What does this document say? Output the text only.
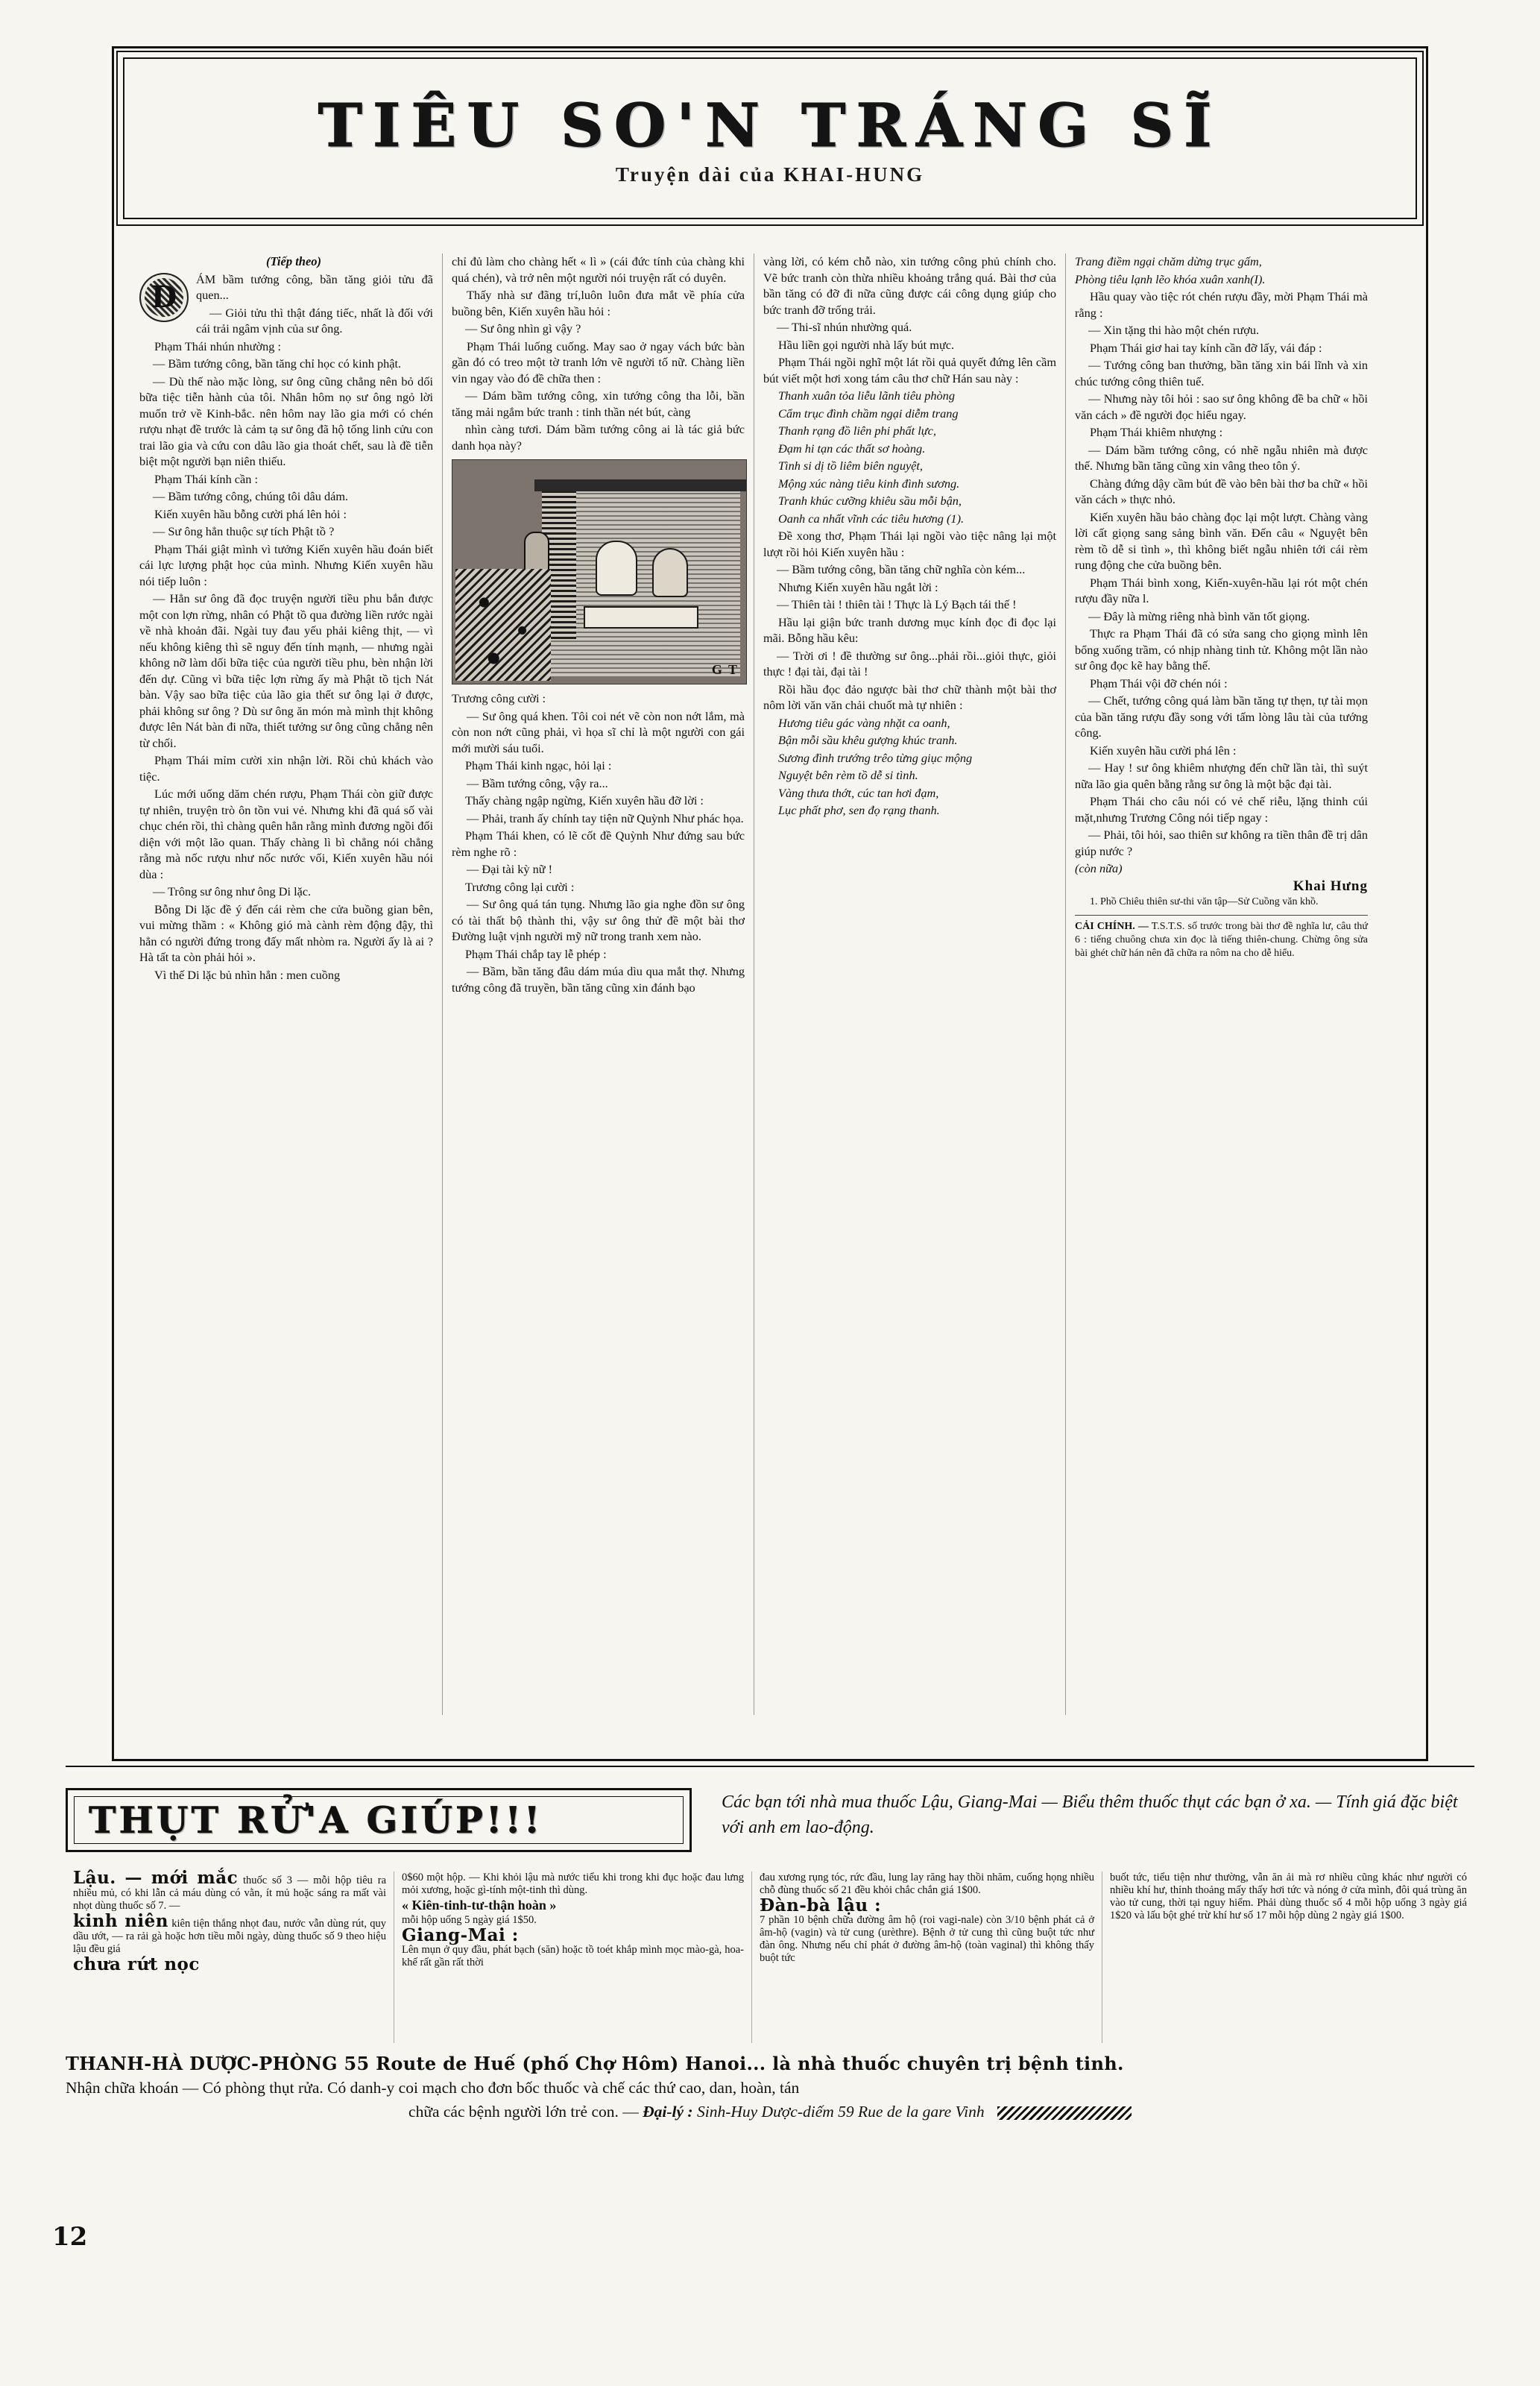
TIÊU SO'N TRÁNG SĨ
Truyện dài của KHAI-HUNG

(Tiếp theo)

D

ÁM bầm tướng công, bần tăng giỏi tửu đã quen...

— Giỏi tửu thì thật đáng tiếc, nhất là đối với cái trải ngâm vịnh của sư ông.

Phạm Thái nhún nhường :

— Bầm tướng công, bần tăng chỉ học có kinh phật.

— Dù thế nào mặc lòng, sư ông cũng chẳng nên bỏ dối bữa tiệc tiễn hành của tôi. Nhân hôm nọ sư ông ngỏ lời muốn trở về Kinh-bắc. nên hôm nay lão gia mới có chén rượu nhạt đề trước là cảm tạ sư ông đã hộ tống linh cửu con trai lão gia và cứu con dâu lão gia thoát chết, sau là đề tiễn biệt một người bạn niên thiếu.

Phạm Thái kính cần :

— Bầm tướng công, chúng tôi dâu dám.

Kiến xuyên hầu bỗng cười phá lên hỏi :

— Sư ông hẳn thuộc sự tích Phật tồ ?

Phạm Thái giật mình vì tưởng Kiến xuyên hầu đoán biết cái lực lượng phật học của mình. Nhưng Kiến xuyên hầu nói tiếp luôn :

— Hẳn sư ông đã đọc truyện người tiều phu bắn được một con lợn rừng, nhân có Phật tồ qua đường liền rước ngài về nhà khoản đãi. Ngài tuy đau yếu phải kiêng thịt, — vì nếu không kiêng thì sẽ nguy đến tính mạnh, — nhưng ngài không nỡ làm dối bữa tiệc của người tiều phu, bèn nhận lời đến dự. Cũng vì bữa tiệc lợn rừng ấy mà Phật tồ tịch Nát bàn. Vậy sao bữa tiệc của lão gia thết sư ông lại ở được, phải không sư ông ? Dù sư ông ăn món mà mình thịt không được lên Nát bàn đi nữa, thiết tưởng sư ông cũng chẳng nên từ chối.

Phạm Thái mỉm cười xin nhận lời. Rồi chủ khách vào tiệc.

Lúc mới uống dăm chén rượu, Phạm Thái còn giữ được tự nhiên, truyện trò ôn tồn vui vẻ. Nhưng khi đã quá số vài chục chén rồi, thì chàng quên hẳn rằng mình đương ngồi đối diện với một lão quan. Thấy chàng lì bì chẳng nói chẳng rằng mà nốc rượu như nốc nước vối, Kiến xuyên hầu nói dùa :

— Trông sư ông như ông Di lặc.

Bỗng Di lặc đề ý đến cái rèm che cửa buồng gian bên, vui mừng thầm : « Không gió mà cành rèm động đậy, thì hẳn có người đứng trong đấy mất nhòm ra. Người ấy là ai ? Hà tất ta còn phải hỏi ».

Vì thế Di lặc bủ nhìn hẳn : men cuồng

chỉ đủ làm cho chàng hết « lì » (cái đức tính của chàng khi quá chén), và trở nên một người nói truyện rất có duyên.

Thấy nhà sư đãng trí,luôn luôn đưa mắt về phía cửa buồng bên, Kiến xuyên hầu hỏi :

— Sư ông nhìn gì vậy ?

Phạm Thái luống cuống. May sao ở ngay vách bức bàn gần đó có treo một tờ tranh lớn vẽ người tố nữ. Chàng liền vin ngay vào đó đề chữa then :

— Dám bầm tướng công, xin tướng công tha lỗi, bần tăng mải ngắm bức tranh : tinh thần nét bút, càng

nhìn càng tươi. Dám bầm tướng công ai là tác giả bức danh họa này?

G T

Trương công cười :

— Sư ông quá khen. Tôi coi nét vẽ còn non nớt lắm, mà còn non nớt cũng phải, vì họa sĩ chỉ là một người con gái mới mười sáu tuổi.

Phạm Thái kinh ngạc, hỏi lại :

— Bầm tướng công, vậy ra...

Thấy chàng ngập ngừng, Kiến xuyên hầu đỡ lời :

— Phải, tranh ấy chính tay tiện nữ Quỳnh Như phác họa.

Phạm Thái khen, có lẽ cốt đề Quỳnh Như đứng sau bức rèm nghe rõ :

— Đại tài kỳ nữ !

Trương công lại cười :

— Sư ông quá tán tụng. Nhưng lão gia nghe đồn sư ông có tài thất bộ thành thi, vậy sư ông thử đề một bài thơ Đường luật vịnh người mỹ nữ trong tranh xem nào.

Phạm Thái chắp tay lễ phép :

— Bầm, bần tăng đâu dám múa dìu qua mắt thợ. Nhưng tướng công đã truyền, bần tăng cũng xin đánh bạo

vàng lời, có kém chỗ nào, xin tướng công phủ chính cho. Vẽ bức tranh còn thừa nhiều khoảng trắng quá. Bài thơ của bần tăng có đỡ đi nữa cũng được cái công dụng giúp cho bức tranh đỡ trống trải.

— Thi-sĩ nhún nhường quá.

Hầu liền gọi người nhà lấy bút mực.

Phạm Thái ngồi nghĩ một lát rồi quả quyết đứng lên cầm bút viết một hơi xong tám câu thơ chữ Hán sau này :

Thanh xuân tỏa liễu lãnh tiêu phòng

Cẩm trục đình chầm ngại diễm trang

Thanh rạng đồ liên phi phất lực,

Đạm hi tạn các thất sơ hoàng.

Tình si dị tồ liêm biên nguyệt,

Mộng xúc nàng tiêu kinh đình sương.

Tranh khúc cưỡng khiêu sầu mỗi bận,

Oanh ca nhất vĩnh các tiêu hương (1).

Đề xong thơ, Phạm Thái lại ngồi vào tiệc nâng lại một lượt rồi hỏi Kiến xuyên hầu :

— Bầm tướng công, bần tăng chữ nghĩa còn kém...

Nhưng Kiến xuyên hầu ngắt lời :

— Thiên tài ! thiên tài ! Thực là Lý Bạch tái thế !

Hầu lại giận bức tranh dương mục kính đọc đi đọc lại mãi. Bỗng hầu kêu:

— Trời ơi ! đề thường sư ông...phải rồi...giỏi thực, giỏi thực ! đại tài, đại tài !

Rồi hầu đọc đảo ngược bài thơ chữ thành một bài thơ nôm lời văn văn chải chuốt mà tự nhiên :

Hương tiêu gác vàng nhặt ca oanh,

Bận mỗi sầu khêu gượng khúc tranh.

Sương đình trướng trêo từng giục mộng

Nguyệt bên rèm tồ dễ si tình.

Vàng thưa thớt, cúc tan hơi đạm,

Lục phất phơ, sen đọ rạng thanh.

Trang điềm ngại chăm dừng trục gấm,

Phòng tiêu lạnh lẽo khóa xuân xanh(I).

Hầu quay vào tiệc rót chén rượu đầy, mời Phạm Thái mà rằng :

— Xin tặng thi hào một chén rượu.

Phạm Thái giơ hai tay kính cần đỡ lấy, vái đáp :

— Tướng công ban thưởng, bần tăng xin bái lĩnh và xin chúc tướng công thiên tuế.

— Nhưng này tôi hỏi : sao sư ông không đề ba chữ « hồi văn cách » đề người đọc hiểu ngay.

Phạm Thái khiêm nhượng :

— Dám bầm tướng công, có nhẽ ngẫu nhiên mà được thế. Nhưng bần tăng cũng xin vâng theo tôn ý.

Chàng đứng dậy cầm bút đề vào bên bài thơ ba chữ « hồi văn cách » thực nhỏ.

Kiến xuyên hầu bảo chàng đọc lại một lượt. Chàng vàng lời cất giọng sang sảng bình văn. Đến câu « Nguyệt bên rèm tồ dễ si tình », thì không biết ngẫu nhiên tới cái rèm rung động che cửa buồng bên.

Phạm Thái bình xong, Kiến-xuyên-hầu lại rót một chén rượu đầy nữa l.

— Đây là mừng riêng nhà bình văn tốt giọng.

Thực ra Phạm Thái đã có sửa sang cho giọng mình lên bổng xuống trầm, có nhịp nhàng tinh tử. Không một lần nào sư ông đọc kẽ hay bằng thế.

Phạm Thái vội đỡ chén nói :

— Chết, tướng công quá làm bần tăng tự thẹn, tự tài mọn của bần tăng rượu đầy song với tấm lòng lâu tài của tướng công.

Kiến xuyên hầu cười phá lên :

— Hay ! sư ông khiêm nhượng đến chữ lần tài, thì suýt nữa lão gia quên bằng rằng sư ông là một bậc đại tài.

Phạm Thái cho câu nói có vẻ chế riễu, lặng thinh cúi mặt,nhưng Trương Công nói tiếp ngay :

— Phải, tôi hỏi, sao thiên sư không ra tiền thân đề trị dân giúp nước ?

(còn nữa)

Khai Hưng

1. Phồ Chiêu thiên sư-thi văn tập—Sử Cuồng văn khồ.

CẢI CHÍNH. — T.S.T.S. số trước trong bài thơ đề nghĩa lư, câu thứ 6 : tiếng chuông chưa xin đọc là tiếng thiên-chung. Chừng ông sửa bài ghét chữ hán nên đã chữa ra nôm na cho dễ hiểu.

THỤT RỬ'A GIÚP!!!	Các bạn tới nhà mua thuốc Lậu, Giang-Mai — Biểu thêm thuốc thụt các bạn ở xa. — Tính giá đặc biệt với anh em lao-động.

Lậu. — mới mắc thuốc số 3 — mỗi hộp tiêu ra nhiều mủ, có khi lẫn cả máu dùng có vằn, ít mủ hoặc sáng ra mất vài nhọt dùng thuốc số 7. —

kinh niên kiên tiện thắng nhọt đau, nước vẫn dùng rút, quy dầu ướt, — ra rải gà hoặc hơn tiều mỗi ngày, dùng thuốc số 9 theo hiệu lậu đều giá

chưa rứt nọc

0$60 một hộp. — Khi khỏi lậu mà nước tiểu khi trong khi đục hoặc đau lưng mỏi xương, hoặc gì-tính một-tinh thì dùng.

« Kiên-tinh-tư-thận hoàn »

mỗi hộp uống 5 ngày giá 1$50.

Giang-Mai :

Lên mụn ở quy đầu, phát bạch (săn) hoặc tồ toét khắp mình mọc mào-gà, hoa-khế rất gần rất thời

đau xương rụng tóc, rức đầu, lung lay răng hay thồi nhăm, cuống họng nhiều chỗ đùng thuốc số 21 đều khỏi chắc chắn giá 1$00.

Đàn-bà lậu :

7 phần 10 bệnh chữa đường âm hộ (roi vagi-nale) còn 3/10 bệnh phát cả ở âm-hộ (vagin) và tử cung (urèthre). Bệnh ở tử cung thì cũng buột tức như đàn ông. Nhưng nếu chỉ phát ở đường âm-hộ (toàn vaginal) thì không thấy buột tức

buốt tức, tiểu tiện như thường, vẫn ăn ải mà rơ nhiều cũng khác như người có nhiều khí hư, thỉnh thoảng mấy thấy hơi tức và nóng ở cửa mình, đôi quá trùng ăn vào tử cung, thời tại nguy hiểm. Phải dùng thuốc số 4 mỗi hộp uống 3 ngày giá 1$20 và lấu bột ghé trừ khí hư số 17 mỗi hộp dùng 2 ngày giá 1$00.

THANH-HÀ DƯỢC-PHÒNG 55 Route de Huế (phố Chợ Hôm) Hanoi... là nhà thuốc chuyên trị bệnh tinh.
Nhận chữa khoán — Có phòng thụt rửa. Có danh-y coi mạch cho đơn bốc thuốc và chế các thứ cao, dan, hoàn, tán
chữa các bệnh người lớn trẻ con. — Đại-lý : Sinh-Huy Dược-diếm 59 Rue de la gare Vinh
12
